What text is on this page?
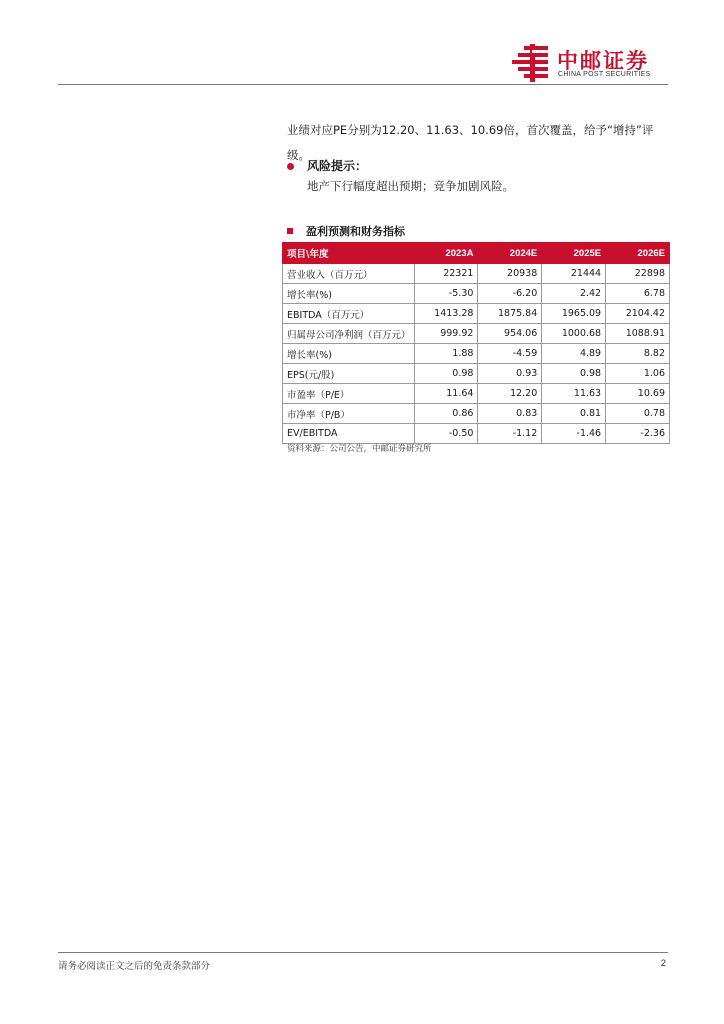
中邮证券
CHINA POST SECURITIES
业绩对应PE分别为12.20、11.63、10.69倍，首次覆盖，给予“增持”评级。
风险提示：
地产下行幅度超出预期；竞争加剧风险。
盈利预测和财务指标
项目\年度	2023A	2024E	2025E	2026E
营业收入（百万元）	22321	20938	21444	22898
增长率(%)	-5.30	-6.20	2.42	6.78
EBITDA（百万元）	1413.28	1875.84	1965.09	2104.42
归属母公司净利润（百万元）	999.92	954.06	1000.68	1088.91
增长率(%)	1.88	-4.59	4.89	8.82
EPS(元/股)	0.98	0.93	0.98	1.06
市盈率（P/E）	11.64	12.20	11.63	10.69
市净率（P/B）	0.86	0.83	0.81	0.78
EV/EBITDA	-0.50	-1.12	-1.46	-2.36
资料来源：公司公告，中邮证券研究所
请务必阅读正文之后的免责条款部分	2
